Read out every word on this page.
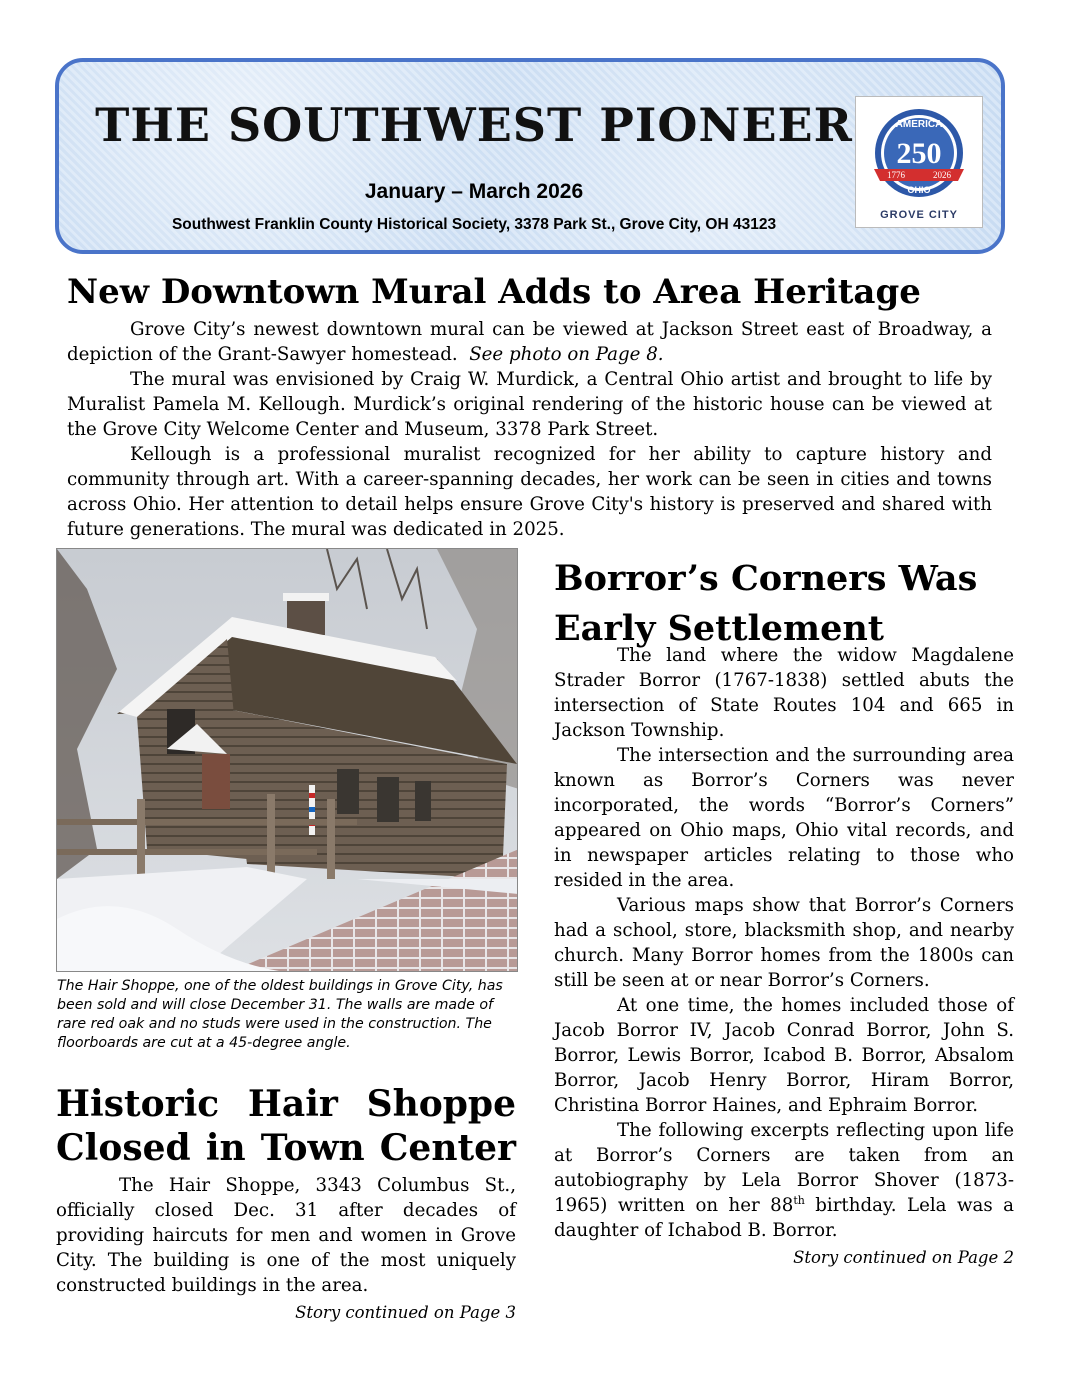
THE SOUTHWEST PIONEER
January – March 2026
Southwest Franklin County Historical Society, 3378 Park St., Grove City, OH 43123
AMERICA
250
1776	2026
OHIO
GROVE CITY
New Downtown Mural Adds to Area Heritage

Grove City’s newest downtown mural can be viewed at Jackson Street east of Broadway, a depiction of the Grant-Sawyer homestead. See photo on Page 8.

The mural was envisioned by Craig W. Murdick, a Central Ohio artist and brought to life by Muralist Pamela M. Kellough. Murdick’s original rendering of the historic house can be viewed at the Grove City Welcome Center and Museum, 3378 Park Street.

Kellough is a professional muralist recognized for her ability to capture history and community through art. With a career-spanning decades, her work can be seen in cities and towns across Ohio. Her attention to detail helps ensure Grove City's history is preserved and shared with future generations. The mural was dedicated in 2025.

The Hair Shoppe, one of the oldest buildings in Grove City, has been sold and will close December 31. The walls are made of rare red oak and no studs were used in the construction. The floorboards are cut at a 45-degree angle.
Historic Hair Shoppe
Closed in Town Center

The Hair Shoppe, 3343 Columbus St., officially closed Dec. 31 after decades of providing haircuts for men and women in Grove City. The building is one of the most uniquely constructed buildings in the area.

Story continued on Page 3
Borror’s Corners Was
Early Settlement

The land where the widow Magdalene Strader Borror (1767-1838) settled abuts the intersection of State Routes 104 and 665 in Jackson Township.

The intersection and the surrounding area known as Borror’s Corners was never incorporated, the words “Borror’s Corners” appeared on Ohio maps, Ohio vital records, and in newspaper articles relating to those who resided in the area.

Various maps show that Borror’s Corners had a school, store, blacksmith shop, and nearby church. Many Borror homes from the 1800s can still be seen at or near Borror’s Corners.

At one time, the homes included those of Jacob Borror IV, Jacob Conrad Borror, John S. Borror, Lewis Borror, Icabod B. Borror, Absalom Borror, Jacob Henry Borror, Hiram Borror, Christina Borror Haines, and Ephraim Borror.

The following excerpts reflecting upon life at Borror’s Corners are taken from an autobiography by Lela Borror Shover (1873-1965) written on her 88th birthday. Lela was a daughter of Ichabod B. Borror.

Story continued on Page 2
